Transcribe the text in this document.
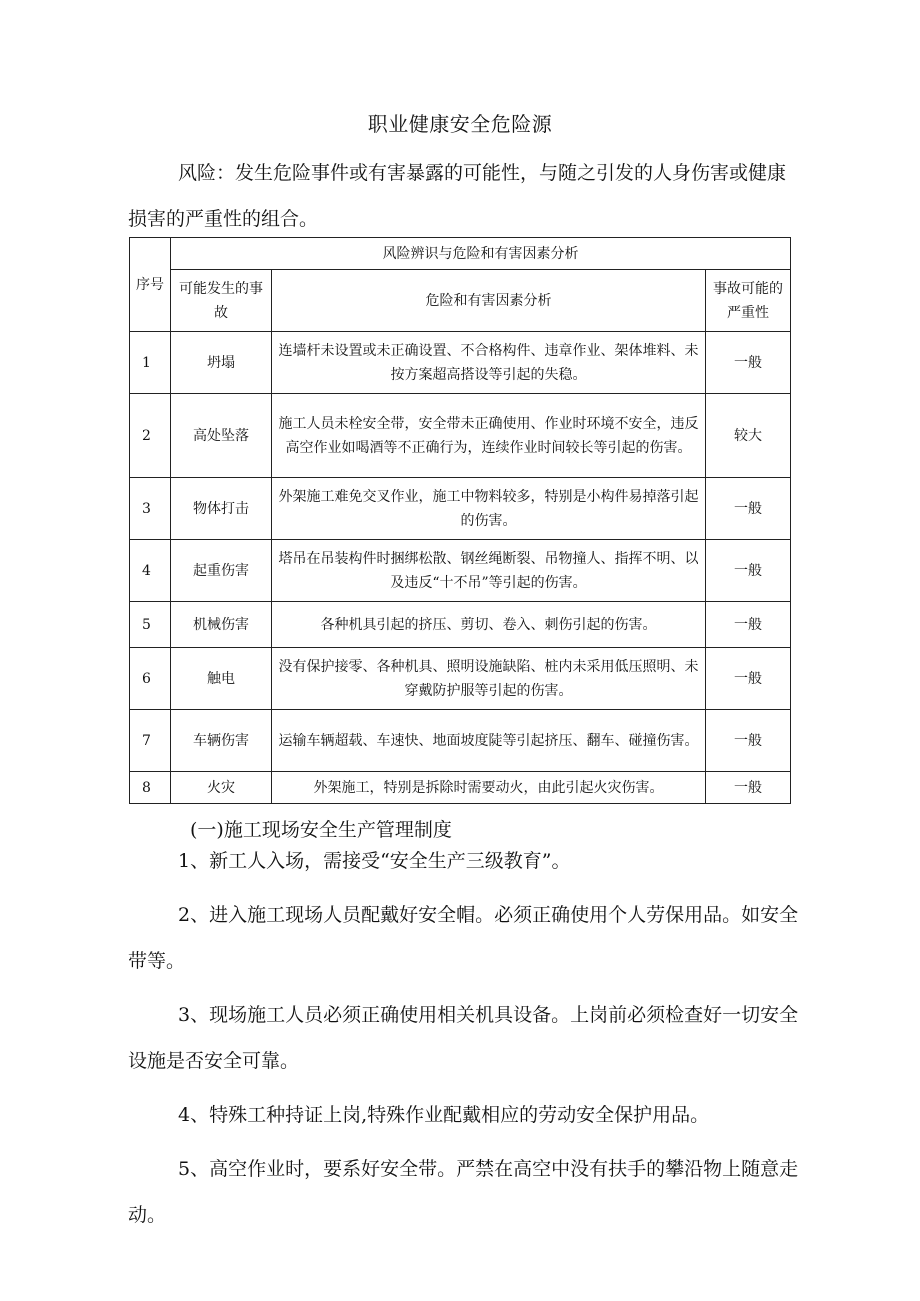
职业健康安全危险源

风险：发生危险事件或有害暴露的可能性，与随之引发的人身伤害或健康损害的严重性的组合。

序号	风险辨识与危险和有害因素分析		
	可能发生的事故	危险和有害因素分析	事故可能的严重性
1	坍塌	连墙杆未设置或未正确设置、不合格构件、违章作业、架体堆料、未按方案超高搭设等引起的失稳。	一般
2	高处坠落	施工人员未栓安全带，安全带未正确使用、作业时环境不安全，违反高空作业如喝酒等不正确行为，连续作业时间较长等引起的伤害。	较大
3	物体打击	外架施工难免交叉作业，施工中物料较多，特别是小构件易掉落引起的伤害。	一般
4	起重伤害	塔吊在吊装构件时捆绑松散、钢丝绳断裂、吊物撞人、指挥不明、以及违反“十不吊”等引起的伤害。	一般
5	机械伤害	各种机具引起的挤压、剪切、卷入、刺伤引起的伤害。	一般
6	触电	没有保护接零、各种机具、照明设施缺陷、桩内未采用低压照明、未穿戴防护服等引起的伤害。	一般
7	车辆伤害	运输车辆超载、车速快、地面坡度陡等引起挤压、翻车、碰撞伤害。	一般
8	火灾	外架施工，特别是拆除时需要动火，由此引起火灾伤害。	一般
(一)施工现场安全生产管理制度

1、新工人入场，需接受“安全生产三级教育”。

2、进入施工现场人员配戴好安全帽。必须正确使用个人劳保用品。如安全带等。

3、现场施工人员必须正确使用相关机具设备。上岗前必须检查好一切安全设施是否安全可靠。

4、特殊工种持证上岗,特殊作业配戴相应的劳动安全保护用品。

5、高空作业时，要系好安全带。严禁在高空中没有扶手的攀沿物上随意走动。
